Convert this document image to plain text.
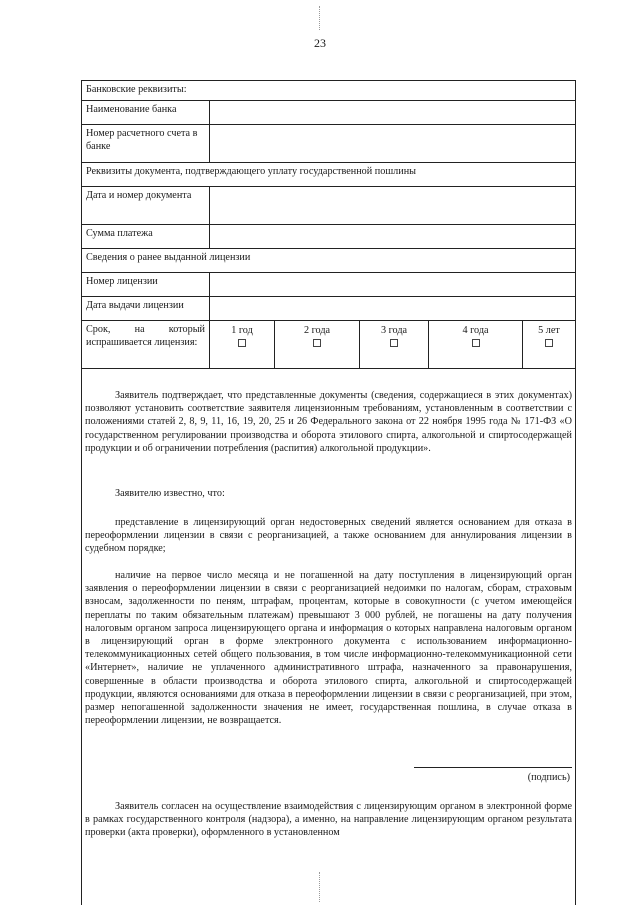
23
Банковские реквизиты:					
Наименование банка					
Номер расчетного счета в банке					
Реквизиты документа, подтверждающего уплату государственной пошлины					
Дата и номер документа					
Сумма платежа					
Сведения о ранее выданной лицензии					
Номер лицензии					
Дата выдачи лицензии					
Срок, на который испрашивается лицензия:	1 год	2 года	3 года	4 года	5 лет

Заявитель подтверждает, что представленные документы (сведения, содержащиеся в этих документах) позволяют установить соответствие заявителя лицензионным требованиям, установленным в соответствии с положениями статей 2, 8, 9, 11, 16, 19, 20, 25 и 26 Федерального закона от 22 ноября 1995 года № 171-ФЗ «О государственном регулировании производства и оборота этилового спирта, алкогольной и спиртосодержащей продукции и об ограничении потребления (распития) алкогольной продукции».

Заявителю известно, что:

представление в лицензирующий орган недостоверных сведений является основанием для отказа в переоформлении лицензии в связи с реорганизацией, а также основанием для аннулирования лицензии в судебном порядке;

наличие на первое число месяца и не погашенной на дату поступления в лицензирующий орган заявления о переоформлении лицензии в связи с реорганизацией недоимки по налогам, сборам, страховым взносам, задолженности по пеням, штрафам, процентам, которые в совокупности (с учетом имеющейся переплаты по таким обязательным платежам) превышают 3 000 рублей, не погашены на дату получения налоговым органом запроса лицензирующего органа и информация о которых направлена налоговым органом в лицензирующий орган в форме электронного документа с использованием информационно-телекоммуникационных сетей общего пользования, в том числе информационно-телекоммуникационной сети «Интернет», наличие не уплаченного административного штрафа, назначенного за правонарушения, совершенные в области производства и оборота этилового спирта, алкогольной и спиртосодержащей продукции, являются основаниями для отказа в переоформлении лицензии в связи с реорганизацией, при этом, размер непогашенной задолженности значения не имеет, государственная пошлина, в случае отказа в переоформлении лицензии, не возвращается.

(подпись)

Заявитель согласен на осуществление взаимодействия с лицензирующим органом в электронной форме в рамках государственного контроля (надзора), а именно, на направление лицензирующим органом результата проверки (акта проверки), оформленного в установленном
